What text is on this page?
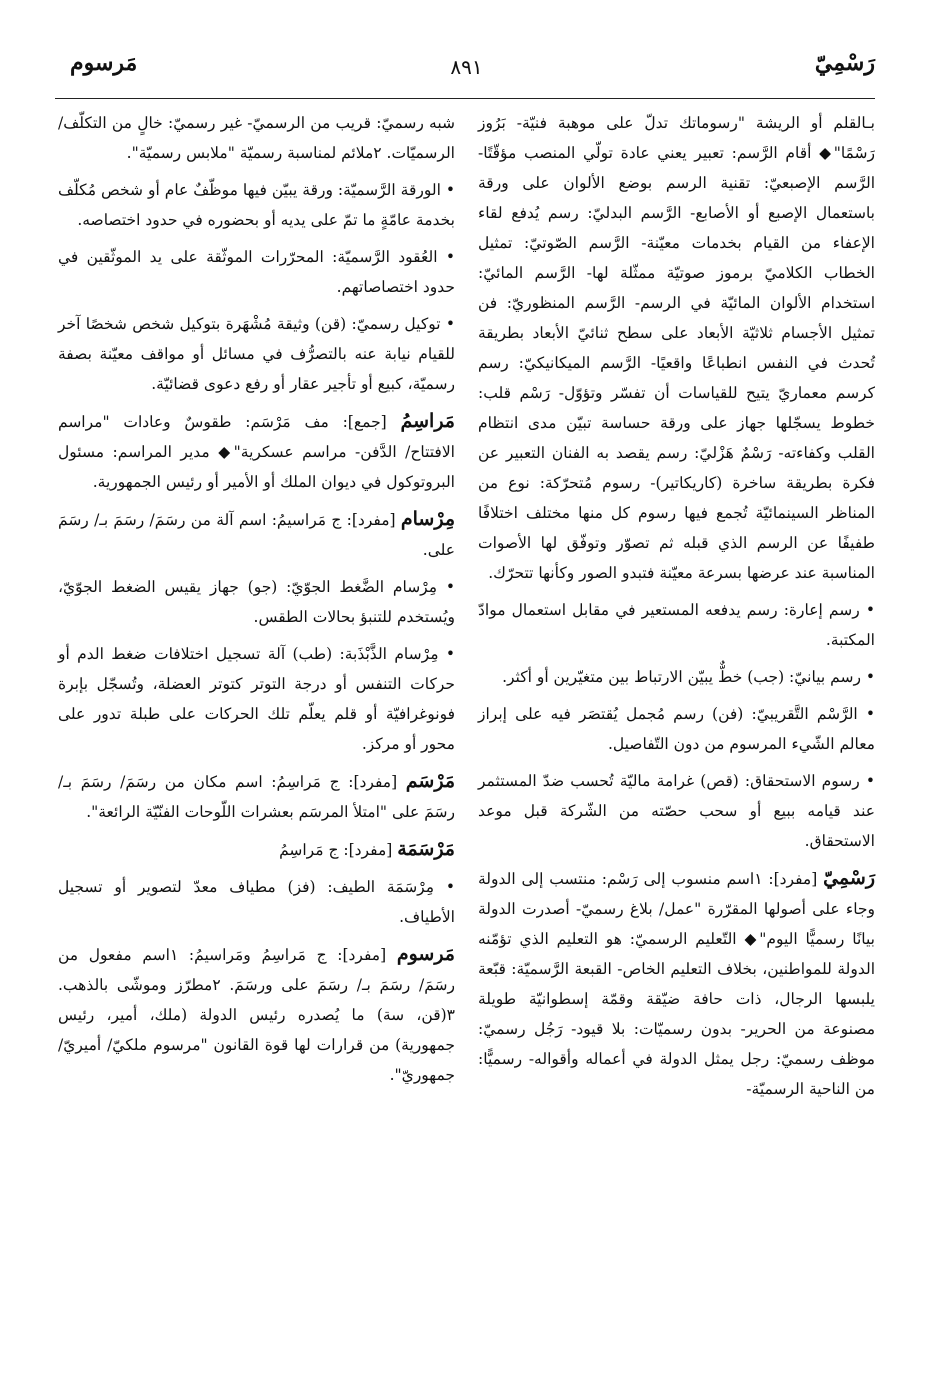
رَسْمِيّ
٨٩١
مَرسوم

بـالقلم أو الريشة "رسوماتك تدلّ على موهبة فنيّة- بَرُوز رَسْمًا"◆ أقام الرَّسم: تعبير يعني عادة تولّي المنصب مؤقّتًا- الرَّسم الإصبعيّ: تقنية الرسم بوضع الألوان على ورقة باستعمال الإصبع أو الأصابع- الرَّسم البدليّ: رسم يُدفع لقاء الإعفاء من القيام بخدمات معيّنة- الرَّسم الصّوتيّ: تمثيل الخطاب الكلاميّ برموز صوتيّة ممثّلة لها- الرَّسم المائيّ: استخدام الألوان المائيّة في الرسم- الرَّسم المنظوريّ: فن تمثيل الأجسام ثلاثيّة الأبعاد على سطح ثنائيّ الأبعاد بطريقة تُحدث في النفس انطباعًا واقعيًا- الرَّسم الميكانيكيّ: رسم كرسم معماريّ يتيح للقياسات أن تفسّر وتؤوّل- رَسْم قلب: خطوط يسجّلها جهاز على ورقة حساسة تبيّن مدى انتظام القلب وكفاءته- رَسْمٌ هَزْليّ: رسم يقصد به الفنان التعبير عن فكرة بطريقة ساخرة (كاريكاتير)- رسوم مُتحرّكة: نوع من المناظر السينمائيّة تُجمع فيها رسوم كل منها مختلف اختلافًا طفيفًا عن الرسم الذي قبله ثم تصوّر وتوفّق لها الأصوات المناسبة عند عرضها بسرعة معيّنة فتبدو الصور وكأنها تتحرّك.

• رسم إعارة: رسم يدفعه المستعير في مقابل استعمال موادّ المكتبة.

• رسم بيانيّ: (جب) خطٌّ يبيّن الارتباط بين متغيّرين أو أكثر.

• الرَّسْم التَّقريبيّ: (فن) رسم مُجمل يُقتصَر فيه على إبراز معالم الشّيء المرسوم من دون التّفاصيل.

• رسوم الاستحقاق: (قص) غرامة ماليّة تُحسب ضدّ المستثمر عند قيامه ببيع أو سحب حصّته من الشّركة قبل موعد الاستحقاق.

رَسْمِيّ [مفرد]: ١اسم منسوب إلى رَسْم: منتسب إلى الدولة وجاء على أصولها المقرّرة "عمل/ بلاغ رسميّ- أصدرت الدولة بيانًا رسميًّا اليوم"◆ التّعليم الرسميّ: هو التعليم الذي تؤمّنه الدولة للمواطنين، بخلاف التعليم الخاص- القبعة الرَّسميّة: قبّعة يلبسها الرجال، ذات حافة ضيّقة وقمّة إسطوانيّة طويلة مصنوعة من الحرير- بدون رسميّات: بلا قيود- رَجُل رسميّ: موظف رسميّ: رجل يمثل الدولة في أعماله وأقواله- رسميًّا: من الناحية الرسميّة-

شبه رسميّ: قريب من الرسميّ- غير رسميّ: خالٍ من التكلّف/ الرسميّات. ٢ملائم لمناسبة رسميّة "ملابس رسميّة".

• الورقة الرَّسميّة: ورقة يبيّن فيها موظّفٌ عام أو شخص مُكلّف بخدمة عامّةٍ ما تمّ على يديه أو بحضوره في حدود اختصاصه.

• العُقود الرَّسميّة: المحرّرات الموثّقة على يد الموثّقين في حدود اختصاصاتهم.

• توكيل رسميّ: (قن) وثيقة مُشْهَرة بتوكيل شخص شخصًا آخر للقيام نيابة عنه بالتصرُّف في مسائل أو مواقف معيّنة بصفة رسميّة، كبيع أو تأجير عقار أو رفع دعوى قضائيّة.

مَراسِمُ [جمع]: مف مَرْسَم: طقوسٌ وعادات "مراسم الافتتاح/ الدَّفن- مراسم عسكرية"◆ مدير المراسم: مسئول البروتوكول في ديوان الملك أو الأمير أو رئيس الجمهورية.

مِرْسام [مفرد]: ج مَراسيمُ: اسم آلة من رسَمَ/ رسَمَ بـ/ رسَمَ على.

• مِرْسام الضَّغط الجوّيّ: (جو) جهاز يقيس الضغط الجوّيّ، ويُستخدم للتنبؤ بحالات الطقس.

• مِرْسام الذَّبْذَبة: (طب) آلة تسجيل اختلافات ضغط الدم أو حركات التنفس أو درجة التوتر كتوتر العضلة، وتُسجّل بإبرة فونوغرافيّة أو قلم يعلّم تلك الحركات على طبلة تدور على محور أو مركز.

مَرْسَم [مفرد]: ج مَراسِمُ: اسم مكان من رسَمَ/ رسَمَ بـ/ رسَمَ على "امتلأ المرسَم بعشرات اللّوحات الفنّيّة الرائعة".

مَرْسَمَة [مفرد]: ج مَراسِمُ

• مِرْسَمَة الطيف: (فز) مطياف معدّ لتصوير أو تسجيل الأطياف.

مَرسوم [مفرد]: ج مَراسِمُ ومَراسيمُ: ١اسم مفعول من رسَمَ/ رسَمَ بـ/ رسَمَ على ورسَمَ. ٢مطرّز وموشّى بالذهب. ٣(قن، سة) ما يُصدره رئيس الدولة (ملك، أمير، رئيس جمهورية) من قرارات لها قوة القانون "مرسوم ملكيّ/ أميريّ/ جمهوريّ".
